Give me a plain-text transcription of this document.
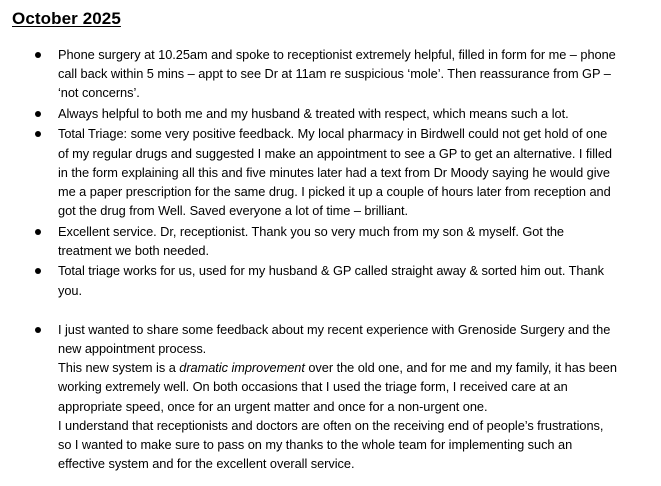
October 2025
Phone surgery at 10.25am and spoke to receptionist extremely helpful, filled in form for me – phone call back within 5 mins – appt to see Dr at 11am re suspicious ‘mole’. Then reassurance from GP – ‘not concerns’.
Always helpful to both me and my husband & treated with respect, which means such a lot.
Total Triage: some very positive feedback. My local pharmacy in Birdwell could not get hold of one of my regular drugs and suggested I make an appointment to see a GP to get an alternative. I filled in the form explaining all this and five minutes later had a text from Dr Moody saying he would give me a paper prescription for the same drug. I picked it up a couple of hours later from reception and got the drug from Well. Saved everyone a lot of time – brilliant.
Excellent service. Dr, receptionist. Thank you so very much from my son & myself. Got the treatment we both needed.
Total triage works for us, used for my husband & GP called straight away & sorted him out. Thank you.
I just wanted to share some feedback about my recent experience with Grenoside Surgery and the new appointment process.
This new system is a dramatic improvement over the old one, and for me and my family, it has been working extremely well. On both occasions that I used the triage form, I received care at an appropriate speed, once for an urgent matter and once for a non-urgent one.
I understand that receptionists and doctors are often on the receiving end of people’s frustrations, so I wanted to make sure to pass on my thanks to the whole team for implementing such an effective system and for the excellent overall service.
